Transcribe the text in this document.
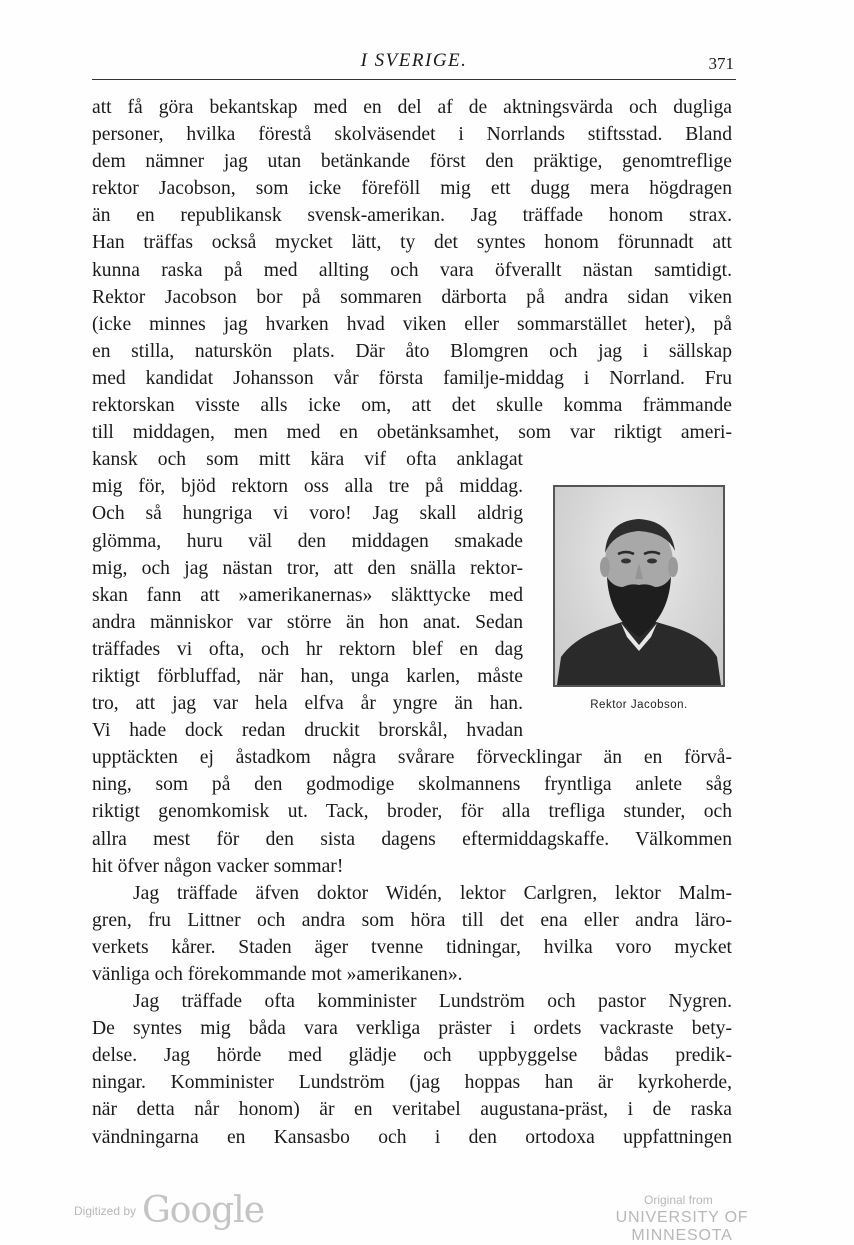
I SVERIGE.	371
att få göra bekantskap med en del af de aktningsvärda och dugliga
personer, hvilka förestå skolväsendet i Norrlands stiftsstad. Bland
dem nämner jag utan betänkande först den präktige, genomtreflige
rektor Jacobson, som icke föreföll mig ett dugg mera högdragen
än en republikansk svensk-amerikan. Jag träffade honom strax.
Han träffas också mycket lätt, ty det syntes honom förunnadt att
kunna raska på med allting och vara öfverallt nästan samtidigt.
Rektor Jacobson bor på sommaren därborta på andra sidan viken
(icke minnes jag hvarken hvad viken eller sommarstället heter), på
en stilla, naturskön plats. Där åto Blomgren och jag i sällskap
med kandidat Johansson vår första familje-middag i Norrland. Fru
rektorskan visste alls icke om, att det skulle komma främmande
till middagen, men med en obetänksamhet, som var riktigt ameri-
kansk och som mitt kära vif ofta anklagat
mig för, bjöd rektorn oss alla tre på middag.
Och så hungriga vi voro! Jag skall aldrig
glömma, huru väl den middagen smakade
mig, och jag nästan tror, att den snälla rektor-
skan fann att »amerikanernas» släkttycke med
andra människor var större än hon anat. Sedan
träffades vi ofta, och hr rektorn blef en dag
riktigt förbluffad, när han, unga karlen, måste
tro, att jag var hela elfva år yngre än han.
Vi hade dock redan druckit brorskål, hvadan
upptäckten ej åstadkom några svårare förvecklingar än en förvå-
ning, som på den godmodige skolmannens fryntliga anlete såg
riktigt genomkomisk ut. Tack, broder, för alla trefliga stunder, och
allra mest för den sista dagens eftermiddagskaffe. Välkommen
hit öfver någon vacker sommar!
Jag träffade äfven doktor Widén, lektor Carlgren, lektor Malm-
gren, fru Littner och andra som höra till det ena eller andra läro-
verkets kårer. Staden äger tvenne tidningar, hvilka voro mycket
vänliga och förekommande mot »amerikanen».
Jag träffade ofta komminister Lundström och pastor Nygren.
De syntes mig båda vara verkliga präster i ordets vackraste bety-
delse. Jag hörde med glädje och uppbyggelse bådas predik-
ningar. Komminister Lundström (jag hoppas han är kyrkoherde,
när detta når honom) är en veritabel augustana-präst, i de raska
vändningarna en Kansasbo och i den ortodoxa uppfattningen
Rektor Jacobson.
Digitized by Google	Original from
UNIVERSITY OF MINNESOTA
